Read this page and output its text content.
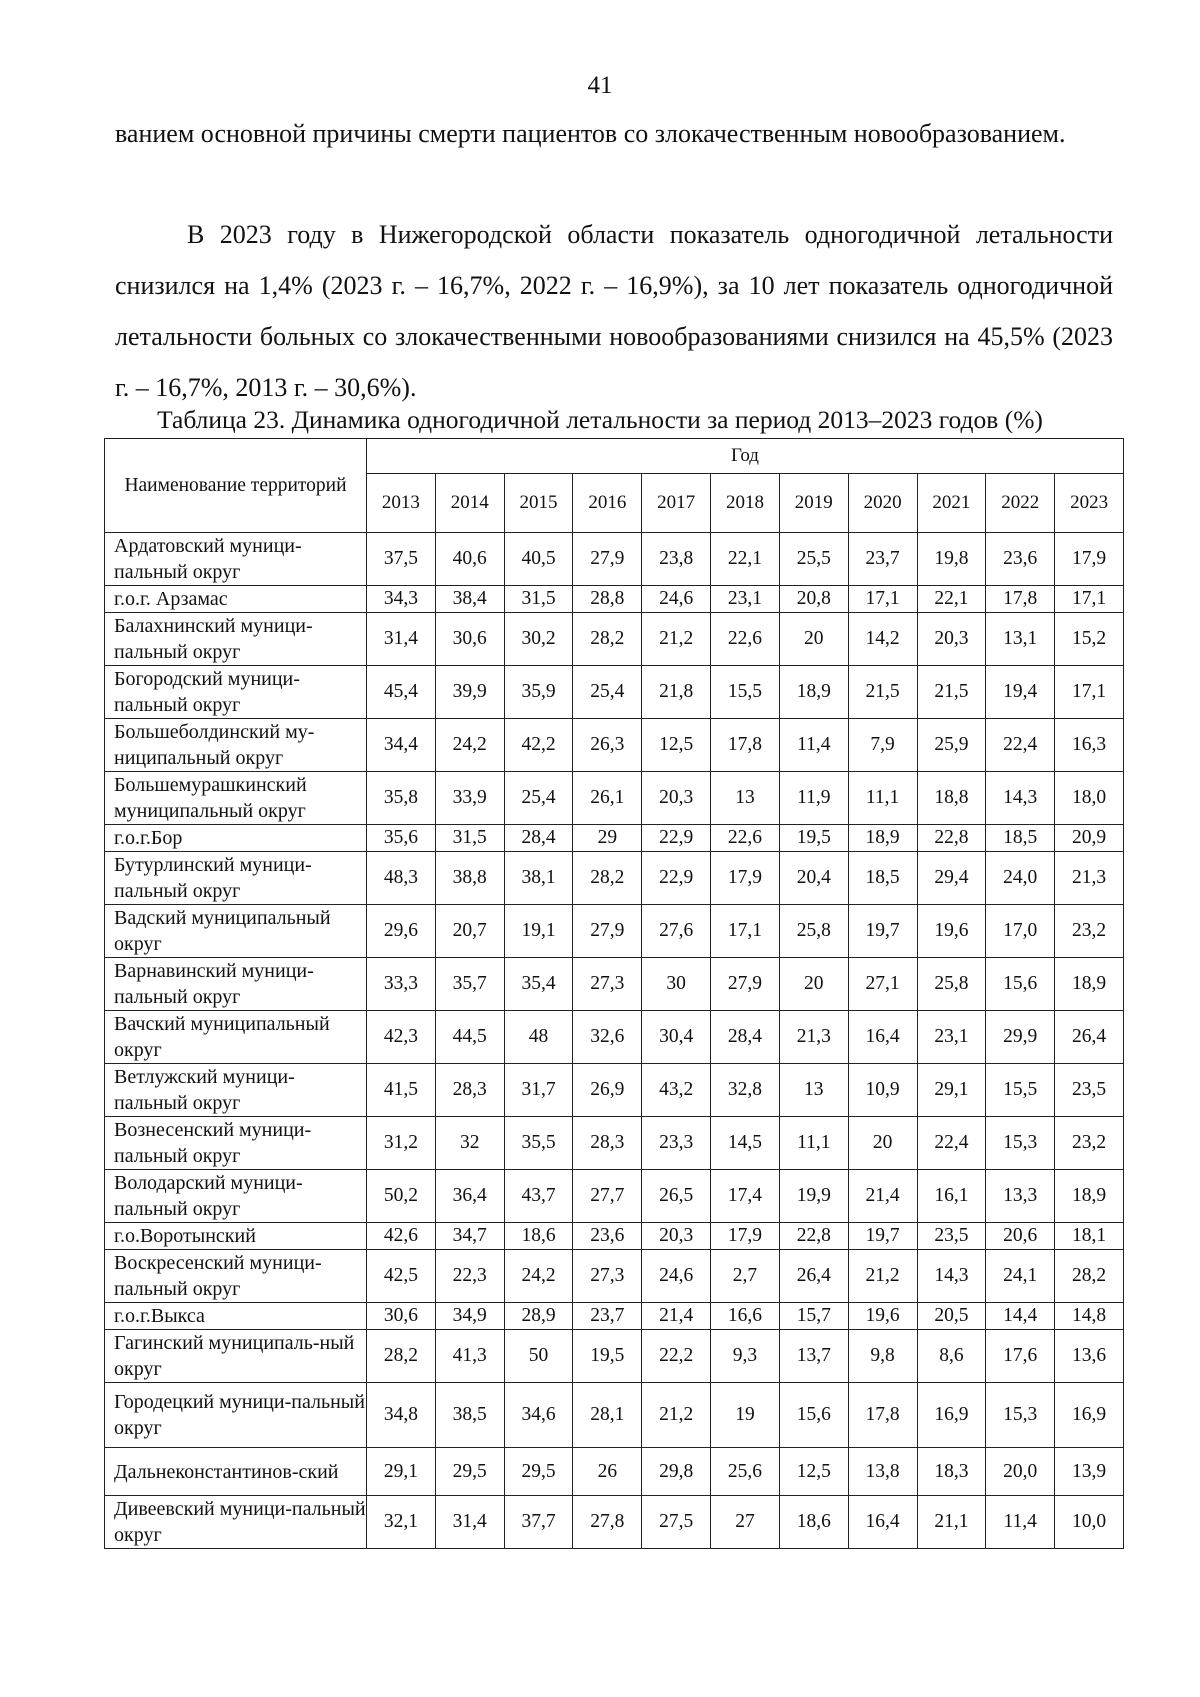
41
ванием основной причины смерти пациентов со злокачественным новообразованием.
В 2023 году в Нижегородской области показатель одногодичной летальности снизился на 1,4% (2023 г. – 16,7%, 2022 г. – 16,9%), за 10 лет показатель одногодичной летальности больных со злокачественными новообразованиями снизился на 45,5% (2023 г. – 16,7%, 2013 г. – 30,6%).
Таблица 23. Динамика одногодичной летальности за период 2013–2023 годов (%)
Наименование территорий	Год										
	2013	2014	2015	2016	2017	2018	2019	2020	2021	2022	2023
Ардатовский муници-пальный округ	37,5	40,6	40,5	27,9	23,8	22,1	25,5	23,7	19,8	23,6	17,9
г.о.г. Арзамас	34,3	38,4	31,5	28,8	24,6	23,1	20,8	17,1	22,1	17,8	17,1
Балахнинский муници-пальный округ	31,4	30,6	30,2	28,2	21,2	22,6	20	14,2	20,3	13,1	15,2
Богородский муници-пальный округ	45,4	39,9	35,9	25,4	21,8	15,5	18,9	21,5	21,5	19,4	17,1
Большеболдинский му-ниципальный округ	34,4	24,2	42,2	26,3	12,5	17,8	11,4	7,9	25,9	22,4	16,3
Большемурашкинский муниципальный округ	35,8	33,9	25,4	26,1	20,3	13	11,9	11,1	18,8	14,3	18,0
г.о.г.Бор	35,6	31,5	28,4	29	22,9	22,6	19,5	18,9	22,8	18,5	20,9
Бутурлинский муници-пальный округ	48,3	38,8	38,1	28,2	22,9	17,9	20,4	18,5	29,4	24,0	21,3
Вадский муниципальный округ	29,6	20,7	19,1	27,9	27,6	17,1	25,8	19,7	19,6	17,0	23,2
Варнавинский муници-пальный округ	33,3	35,7	35,4	27,3	30	27,9	20	27,1	25,8	15,6	18,9
Вачский муниципальный округ	42,3	44,5	48	32,6	30,4	28,4	21,3	16,4	23,1	29,9	26,4
Ветлужский муници-пальный округ	41,5	28,3	31,7	26,9	43,2	32,8	13	10,9	29,1	15,5	23,5
Вознесенский муници-пальный округ	31,2	32	35,5	28,3	23,3	14,5	11,1	20	22,4	15,3	23,2
Володарский муници-пальный округ	50,2	36,4	43,7	27,7	26,5	17,4	19,9	21,4	16,1	13,3	18,9
г.о.Воротынский	42,6	34,7	18,6	23,6	20,3	17,9	22,8	19,7	23,5	20,6	18,1
Воскресенский муници-пальный округ	42,5	22,3	24,2	27,3	24,6	2,7	26,4	21,2	14,3	24,1	28,2
г.о.г.Выкса	30,6	34,9	28,9	23,7	21,4	16,6	15,7	19,6	20,5	14,4	14,8
Гагинский муниципаль-ный округ	28,2	41,3	50	19,5	22,2	9,3	13,7	9,8	8,6	17,6	13,6
Городецкий муници-пальный округ	34,8	38,5	34,6	28,1	21,2	19	15,6	17,8	16,9	15,3	16,9
Дальнеконстантинов-ский	29,1	29,5	29,5	26	29,8	25,6	12,5	13,8	18,3	20,0	13,9
Дивеевский муници-пальный округ	32,1	31,4	37,7	27,8	27,5	27	18,6	16,4	21,1	11,4	10,0
